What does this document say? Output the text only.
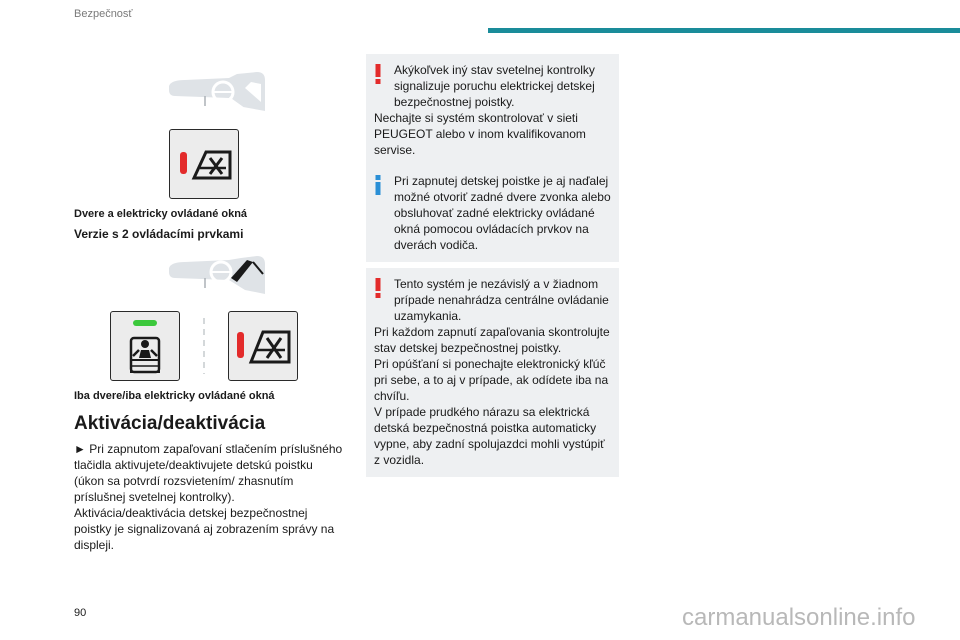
Bezpečnosť
Dvere a elektricky ovládané okná
Verzie s 2 ovládacími prvkami
Iba dvere/iba elektricky ovládané okná
Aktivácia/deaktivácia
► Pri zapnutom zapaľovaní stlačením príslušného tlačidla aktivujete/deaktivujete detskú poistku (úkon sa potvrdí rozsvietením/ zhasnutím príslušnej svetelnej kontrolky). Aktivácia/deaktivácia detskej bezpečnostnej poistky je signalizovaná aj zobrazením správy na displeji.
Akýkoľvek iný stav svetelnej kontrolky signalizuje poruchu elektrickej detskej bezpečnostnej poistky.
Nechajte si systém skontrolovať v sieti PEUGEOT alebo v inom kvalifikovanom servise.
Pri zapnutej detskej poistke je aj naďalej možné otvoriť zadné dvere zvonka alebo obsluhovať zadné elektricky ovládané okná pomocou ovládacích prvkov na dverách vodiča.
Tento systém je nezávislý a v žiadnom prípade nenahrádza centrálne ovládanie uzamykania.
Pri každom zapnutí zapaľovania skontrolujte stav detskej bezpečnostnej poistky.
Pri opúšťaní si ponechajte elektronický kľúč pri sebe, a to aj v prípade, ak odídete iba na chvíľu.
V prípade prudkého nárazu sa elektrická detská bezpečnostná poistka automaticky vypne, aby zadní spolujazdci mohli vystúpiť z vozidla.
90	carmanualsonline.info
